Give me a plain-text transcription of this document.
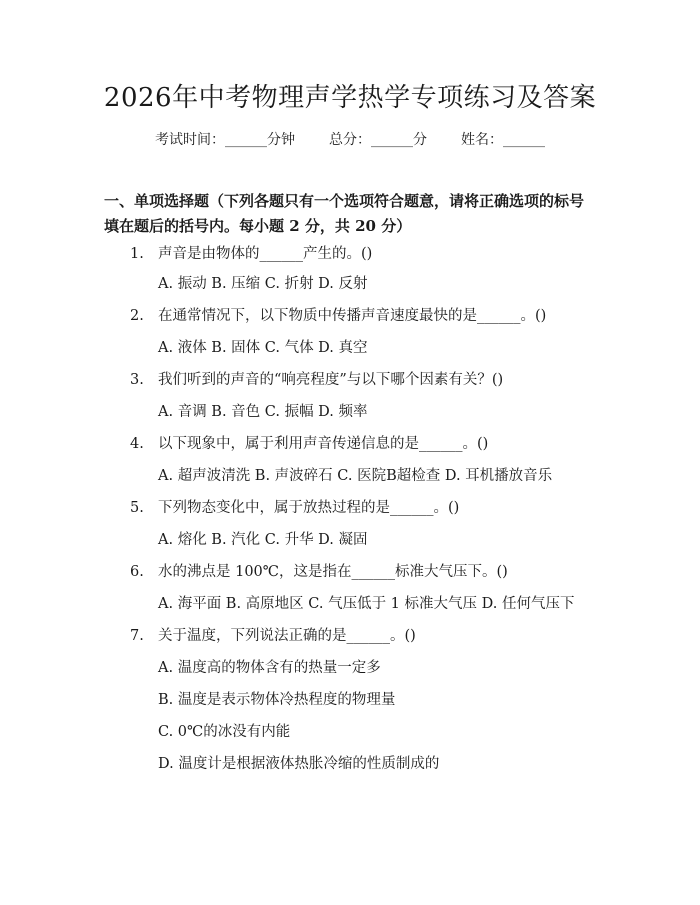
2026年中考物理声学热学专项练习及答案
考试时间：______分钟 总分：______分 姓名：______
一、单项选择题（下列各题只有一个选项符合题意，请将正确选项的标号填在题后的括号内。每小题 2 分，共 20 分）
1. 声音是由物体的______产生的。()
A. 振动 B. 压缩 C. 折射 D. 反射
2. 在通常情况下，以下物质中传播声音速度最快的是______。()
A. 液体 B. 固体 C. 气体 D. 真空
3. 我们听到的声音的“响亮程度”与以下哪个因素有关？()
A. 音调 B. 音色 C. 振幅 D. 频率
4. 以下现象中，属于利用声音传递信息的是______。()
A. 超声波清洗 B. 声波碎石 C. 医院B超检查 D. 耳机播放音乐
5. 下列物态变化中，属于放热过程的是______。()
A. 熔化 B. 汽化 C. 升华 D. 凝固
6. 水的沸点是 100℃，这是指在______标准大气压下。()
A. 海平面 B. 高原地区 C. 气压低于 1 标准大气压 D. 任何气压下
7. 关于温度，下列说法正确的是______。()
A. 温度高的物体含有的热量一定多
B. 温度是表示物体冷热程度的物理量
C. 0℃的冰没有内能
D. 温度计是根据液体热胀冷缩的性质制成的
